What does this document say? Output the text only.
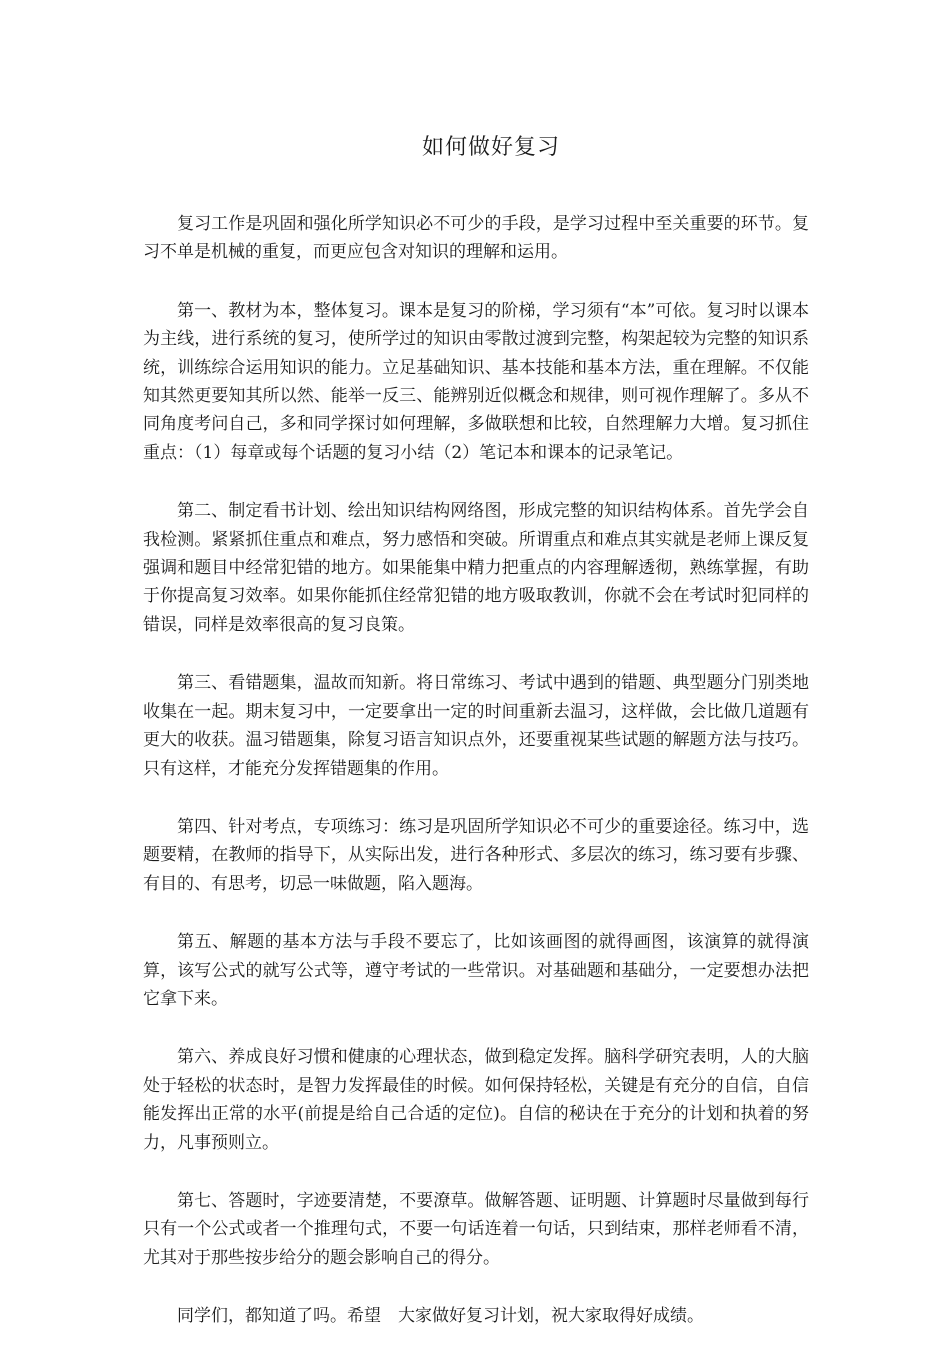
如何做好复习

复习工作是巩固和强化所学知识必不可少的手段，是学习过程中至关重要的环节。复习不单是机械的重复，而更应包含对知识的理解和运用。

第一、教材为本，整体复习。课本是复习的阶梯，学习须有“本”可依。复习时以课本为主线，进行系统的复习，使所学过的知识由零散过渡到完整，构架起较为完整的知识系统，训练综合运用知识的能力。立足基础知识、基本技能和基本方法，重在理解。不仅能知其然更要知其所以然、能举一反三、能辨别近似概念和规律，则可视作理解了。多从不同角度考问自己，多和同学探讨如何理解，多做联想和比较，自然理解力大增。复习抓住重点：（1）每章或每个话题的复习小结（2）笔记本和课本的记录笔记。

第二、制定看书计划、绘出知识结构网络图，形成完整的知识结构体系。首先学会自我检测。紧紧抓住重点和难点，努力感悟和突破。所谓重点和难点其实就是老师上课反复强调和题目中经常犯错的地方。如果能集中精力把重点的内容理解透彻，熟练掌握，有助于你提高复习效率。如果你能抓住经常犯错的地方吸取教训，你就不会在考试时犯同样的错误，同样是效率很高的复习良策。

第三、看错题集，温故而知新。将日常练习、考试中遇到的错题、典型题分门别类地收集在一起。期末复习中，一定要拿出一定的时间重新去温习，这样做，会比做几道题有更大的收获。温习错题集，除复习语言知识点外，还要重视某些试题的解题方法与技巧。只有这样，才能充分发挥错题集的作用。

第四、针对考点，专项练习：练习是巩固所学知识必不可少的重要途径。练习中，选题要精，在教师的指导下，从实际出发，进行各种形式、多层次的练习，练习要有步骤、有目的、有思考，切忌一味做题，陷入题海。

第五、解题的基本方法与手段不要忘了，比如该画图的就得画图，该演算的就得演算，该写公式的就写公式等，遵守考试的一些常识。对基础题和基础分，一定要想办法把它拿下来。

第六、养成良好习惯和健康的心理状态，做到稳定发挥。脑科学研究表明，人的大脑处于轻松的状态时，是智力发挥最佳的时候。如何保持轻松，关键是有充分的自信，自信能发挥出正常的水平(前提是给自己合适的定位)。自信的秘诀在于充分的计划和执着的努力，凡事预则立。

第七、答题时，字迹要清楚，不要潦草。做解答题、证明题、计算题时尽量做到每行只有一个公式或者一个推理句式，不要一句话连着一句话，只到结束，那样老师看不清，尤其对于那些按步给分的题会影响自己的得分。

同学们，都知道了吗。希望　大家做好复习计划，祝大家取得好成绩。
